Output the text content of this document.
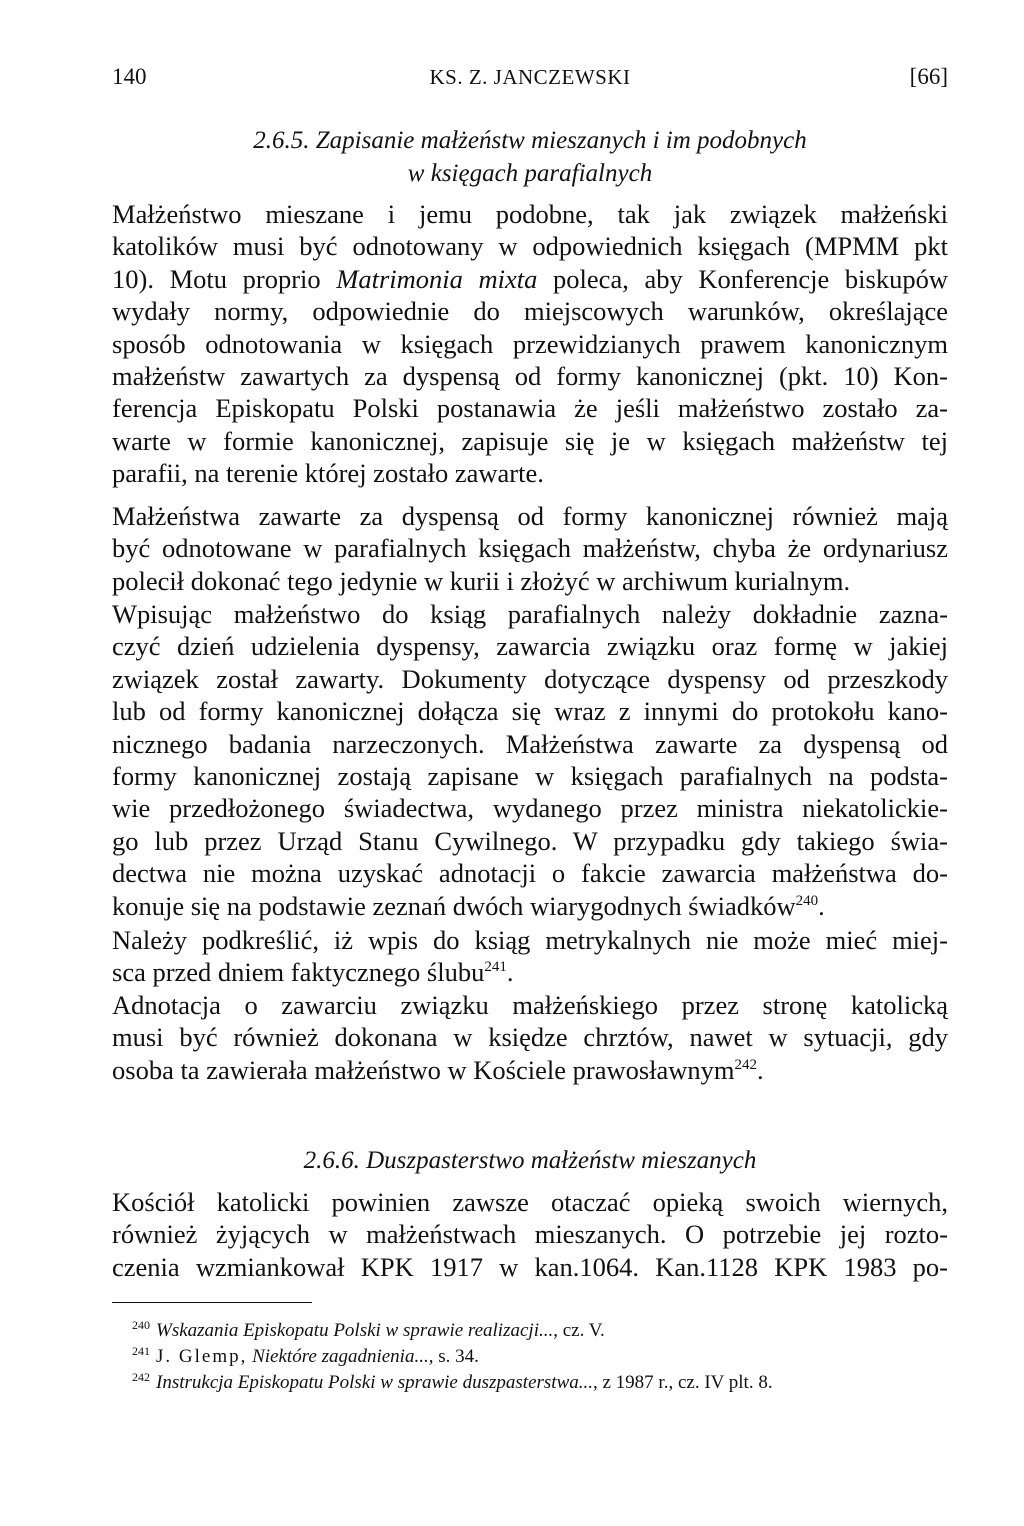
140	KS. Z. JANCZEWSKI	[66]
2.6.5. Zapisanie małżeństw mieszanych i im podobnych
w księgach parafialnych
Małżeństwo mieszane i jemu podobne, tak jak związek małżeński
katolików musi być odnotowany w odpowiednich księgach (MPMM pkt
10). Motu proprio Matrimonia mixta poleca, aby Konferencje biskupów
wydały normy, odpowiednie do miejscowych warunków, określające
sposób odnotowania w księgach przewidzianych prawem kanonicznym
małżeństw zawartych za dyspensą od formy kanonicznej (pkt. 10) Kon-
ferencja Episkopatu Polski postanawia że jeśli małżeństwo zostało za-
warte w formie kanonicznej, zapisuje się je w księgach małżeństw tej
parafii, na terenie której zostało zawarte.
Małżeństwa zawarte za dyspensą od formy kanonicznej również mają
być odnotowane w parafialnych księgach małżeństw, chyba że ordynariusz
polecił dokonać tego jedynie w kurii i złożyć w archiwum kurialnym.
Wpisując małżeństwo do ksiąg parafialnych należy dokładnie zazna-
czyć dzień udzielenia dyspensy, zawarcia związku oraz formę w jakiej
związek został zawarty. Dokumenty dotyczące dyspensy od przeszkody
lub od formy kanonicznej dołącza się wraz z innymi do protokołu kano-
nicznego badania narzeczonych. Małżeństwa zawarte za dyspensą od
formy kanonicznej zostają zapisane w księgach parafialnych na podsta-
wie przedłożonego świadectwa, wydanego przez ministra niekatolickie-
go lub przez Urząd Stanu Cywilnego. W przypadku gdy takiego świa-
dectwa nie można uzyskać adnotacji o fakcie zawarcia małżeństwa do-
konuje się na podstawie zeznań dwóch wiarygodnych świadków$^{240}$.
Należy podkreślić, iż wpis do ksiąg metrykalnych nie może mieć miej-
sca przed dniem faktycznego ślubu$^{241}$.
Adnotacja o zawarciu związku małżeńskiego przez stronę katolicką
musi być również dokonana w księdze chrztów, nawet w sytuacji, gdy
osoba ta zawierała małżeństwo w Kościele prawosławnym$^{242}$.
2.6.6. Duszpasterstwo małżeństw mieszanych
Kościół katolicki powinien zawsze otaczać opieką swoich wiernych,
również żyjących w małżeństwach mieszanych. O potrzebie jej rozto-
czenia wzmiankował KPK 1917 w kan.1064. Kan.1128 KPK 1983 po-
$^{240}$ Wskazania Episkopatu Polski w sprawie realizacji..., cz. V.
$^{241}$ J. Glemp, Niektóre zagadnienia..., s. 34.
$^{242}$ Instrukcja Episkopatu Polski w sprawie duszpasterstwa..., z 1987 r., cz. IV plt. 8.
